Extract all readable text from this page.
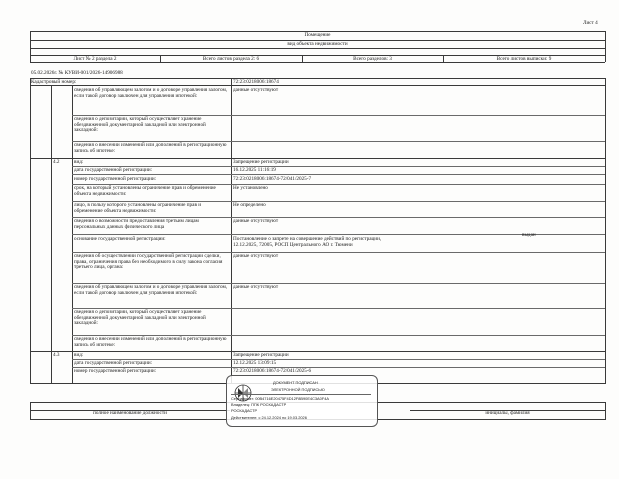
Лист 4
Помещение
вид объекта недвижимости
Лист № 2 раздела 2	Всего листов раздела 2: 6	Всего разделов: 3	Всего листов выписки: 9
05.02.2026г. № КУВИ-001/2026-14906988
Кадастровый номер:	72:23:0218006:18674
сведения об управляющем залогом и о договоре управления залогом, если такой договор заключен для управления ипотекой:
данные отсутствуют
сведения о депозитарии, который осуществляет хранение обездвиженной документарной закладной или электронной закладной:
сведения о внесении изменений или дополнений в регистрационную запись об ипотеке:
4.2	вид:	Запрещение регистрации
дата государственной регистрации:	16.12.2025 11:16:19
номер государственной регистрации:	72:23:0218006:18674-72/041/2025-7
срок, на который установлены ограничение прав и обременение объекта недвижимости:
Не установлено
лицо, в пользу которого установлены ограничение прав и обременение объекта недвижимости:
Не определено
сведения о возможности предоставления третьим лицам персональных данных физического лица
данные отсутствуют
основание государственной регистрации:	Постановление о запрете на совершение действий по регистрации,
12.12.2025, 72005, РОСП Центрального АО г. Тюмени
выдан
сведения об осуществлении государственной регистрации сделки, права, ограничения права без необходимого в силу закона согласия третьего лица, органа:
данные отсутствуют
сведения об управляющем залогом и о договоре управления залогом, если такой договор заключен для управления ипотекой:
данные отсутствуют
сведения о депозитарии, который осуществляет хранение обездвиженной документарной закладной или электронной закладной:
сведения о внесении изменений или дополнений в регистрационную запись об ипотеке:
4.3	вид:	Запрещение регистрации
дата государственной регистрации:	12.12.2025 13:09:15
номер государственной регистрации:	72:23:0218006:18674-72/041/2025-6
полное наименование должности	инициалы, фамилия
ДОКУМЕНТ ПОДПИСАН
ЭЛЕКТРОННОЙ ПОДПИСЬЮ
Сертификат: 00B4716E20475F4D12F8B90E4C3A0F4A
Владелец: ППК РОСКАДАСТР
РОСКАДАСТР
Действителен: с 24.12.2024 по 19.03.2026
